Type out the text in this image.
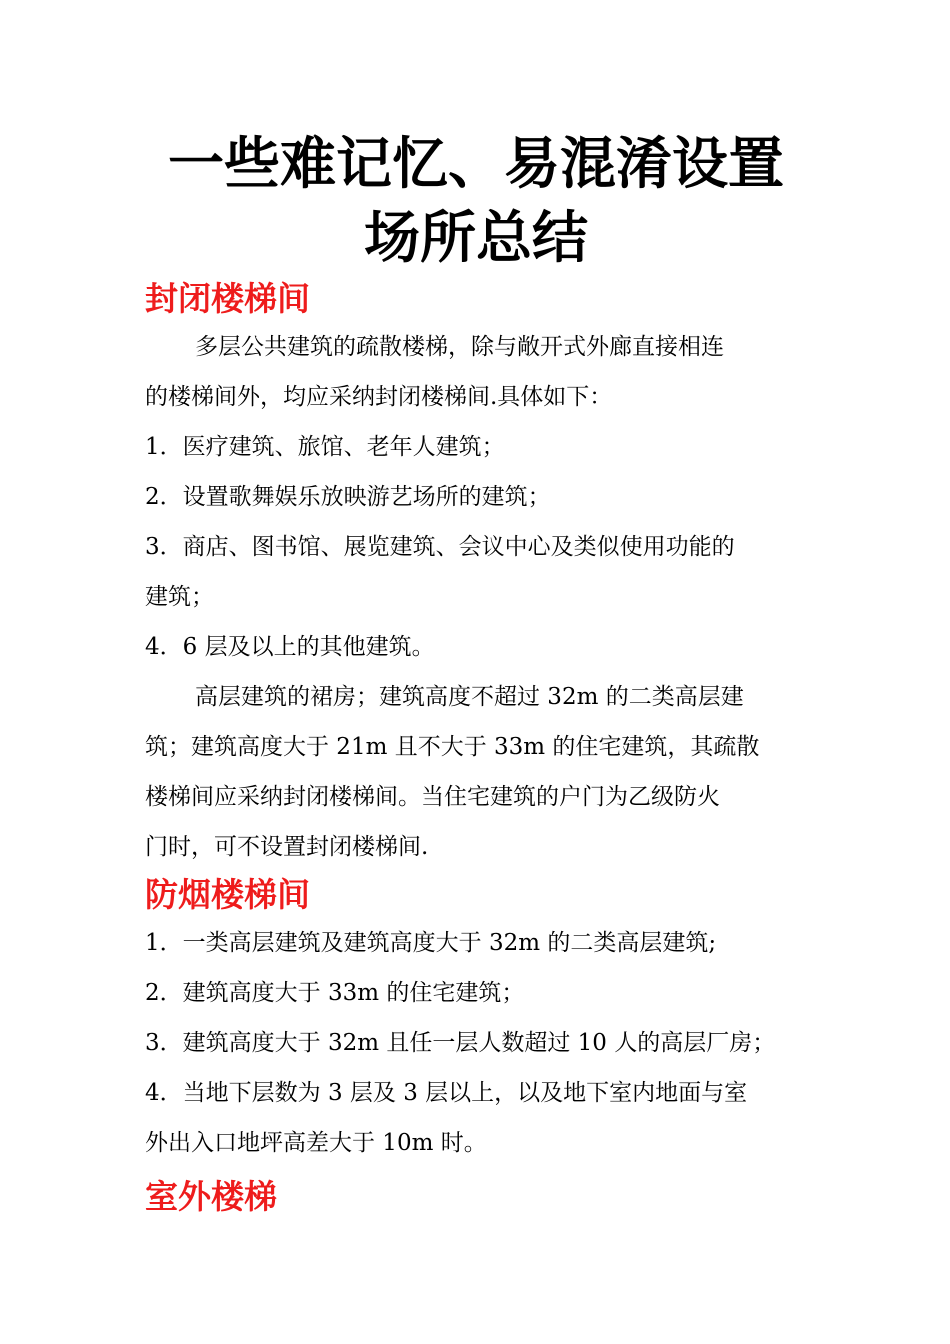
一些难记忆、易混淆设置
场所总结
封闭楼梯间

多层公共建筑的疏散楼梯，除与敞开式外廊直接相连

的楼梯间外，均应采纳封闭楼梯间.具体如下：

1．医疗建筑、旅馆、老年人建筑；

2．设置歌舞娱乐放映游艺场所的建筑；

3．商店、图书馆、展览建筑、会议中心及类似使用功能的

建筑；

4．6 层及以上的其他建筑。

高层建筑的裙房；建筑高度不超过 32m 的二类高层建

筑；建筑高度大于 21m 且不大于 33m 的住宅建筑，其疏散

楼梯间应采纳封闭楼梯间。当住宅建筑的户门为乙级防火

门时，可不设置封闭楼梯间.

防烟楼梯间

1．一类高层建筑及建筑高度大于 32m 的二类高层建筑;

2．建筑高度大于 33m 的住宅建筑；

3．建筑高度大于 32m 且任一层人数超过 10 人的高层厂房；

4．当地下层数为 3 层及 3 层以上，以及地下室内地面与室

外出入口地坪高差大于 10m 时。

室外楼梯
